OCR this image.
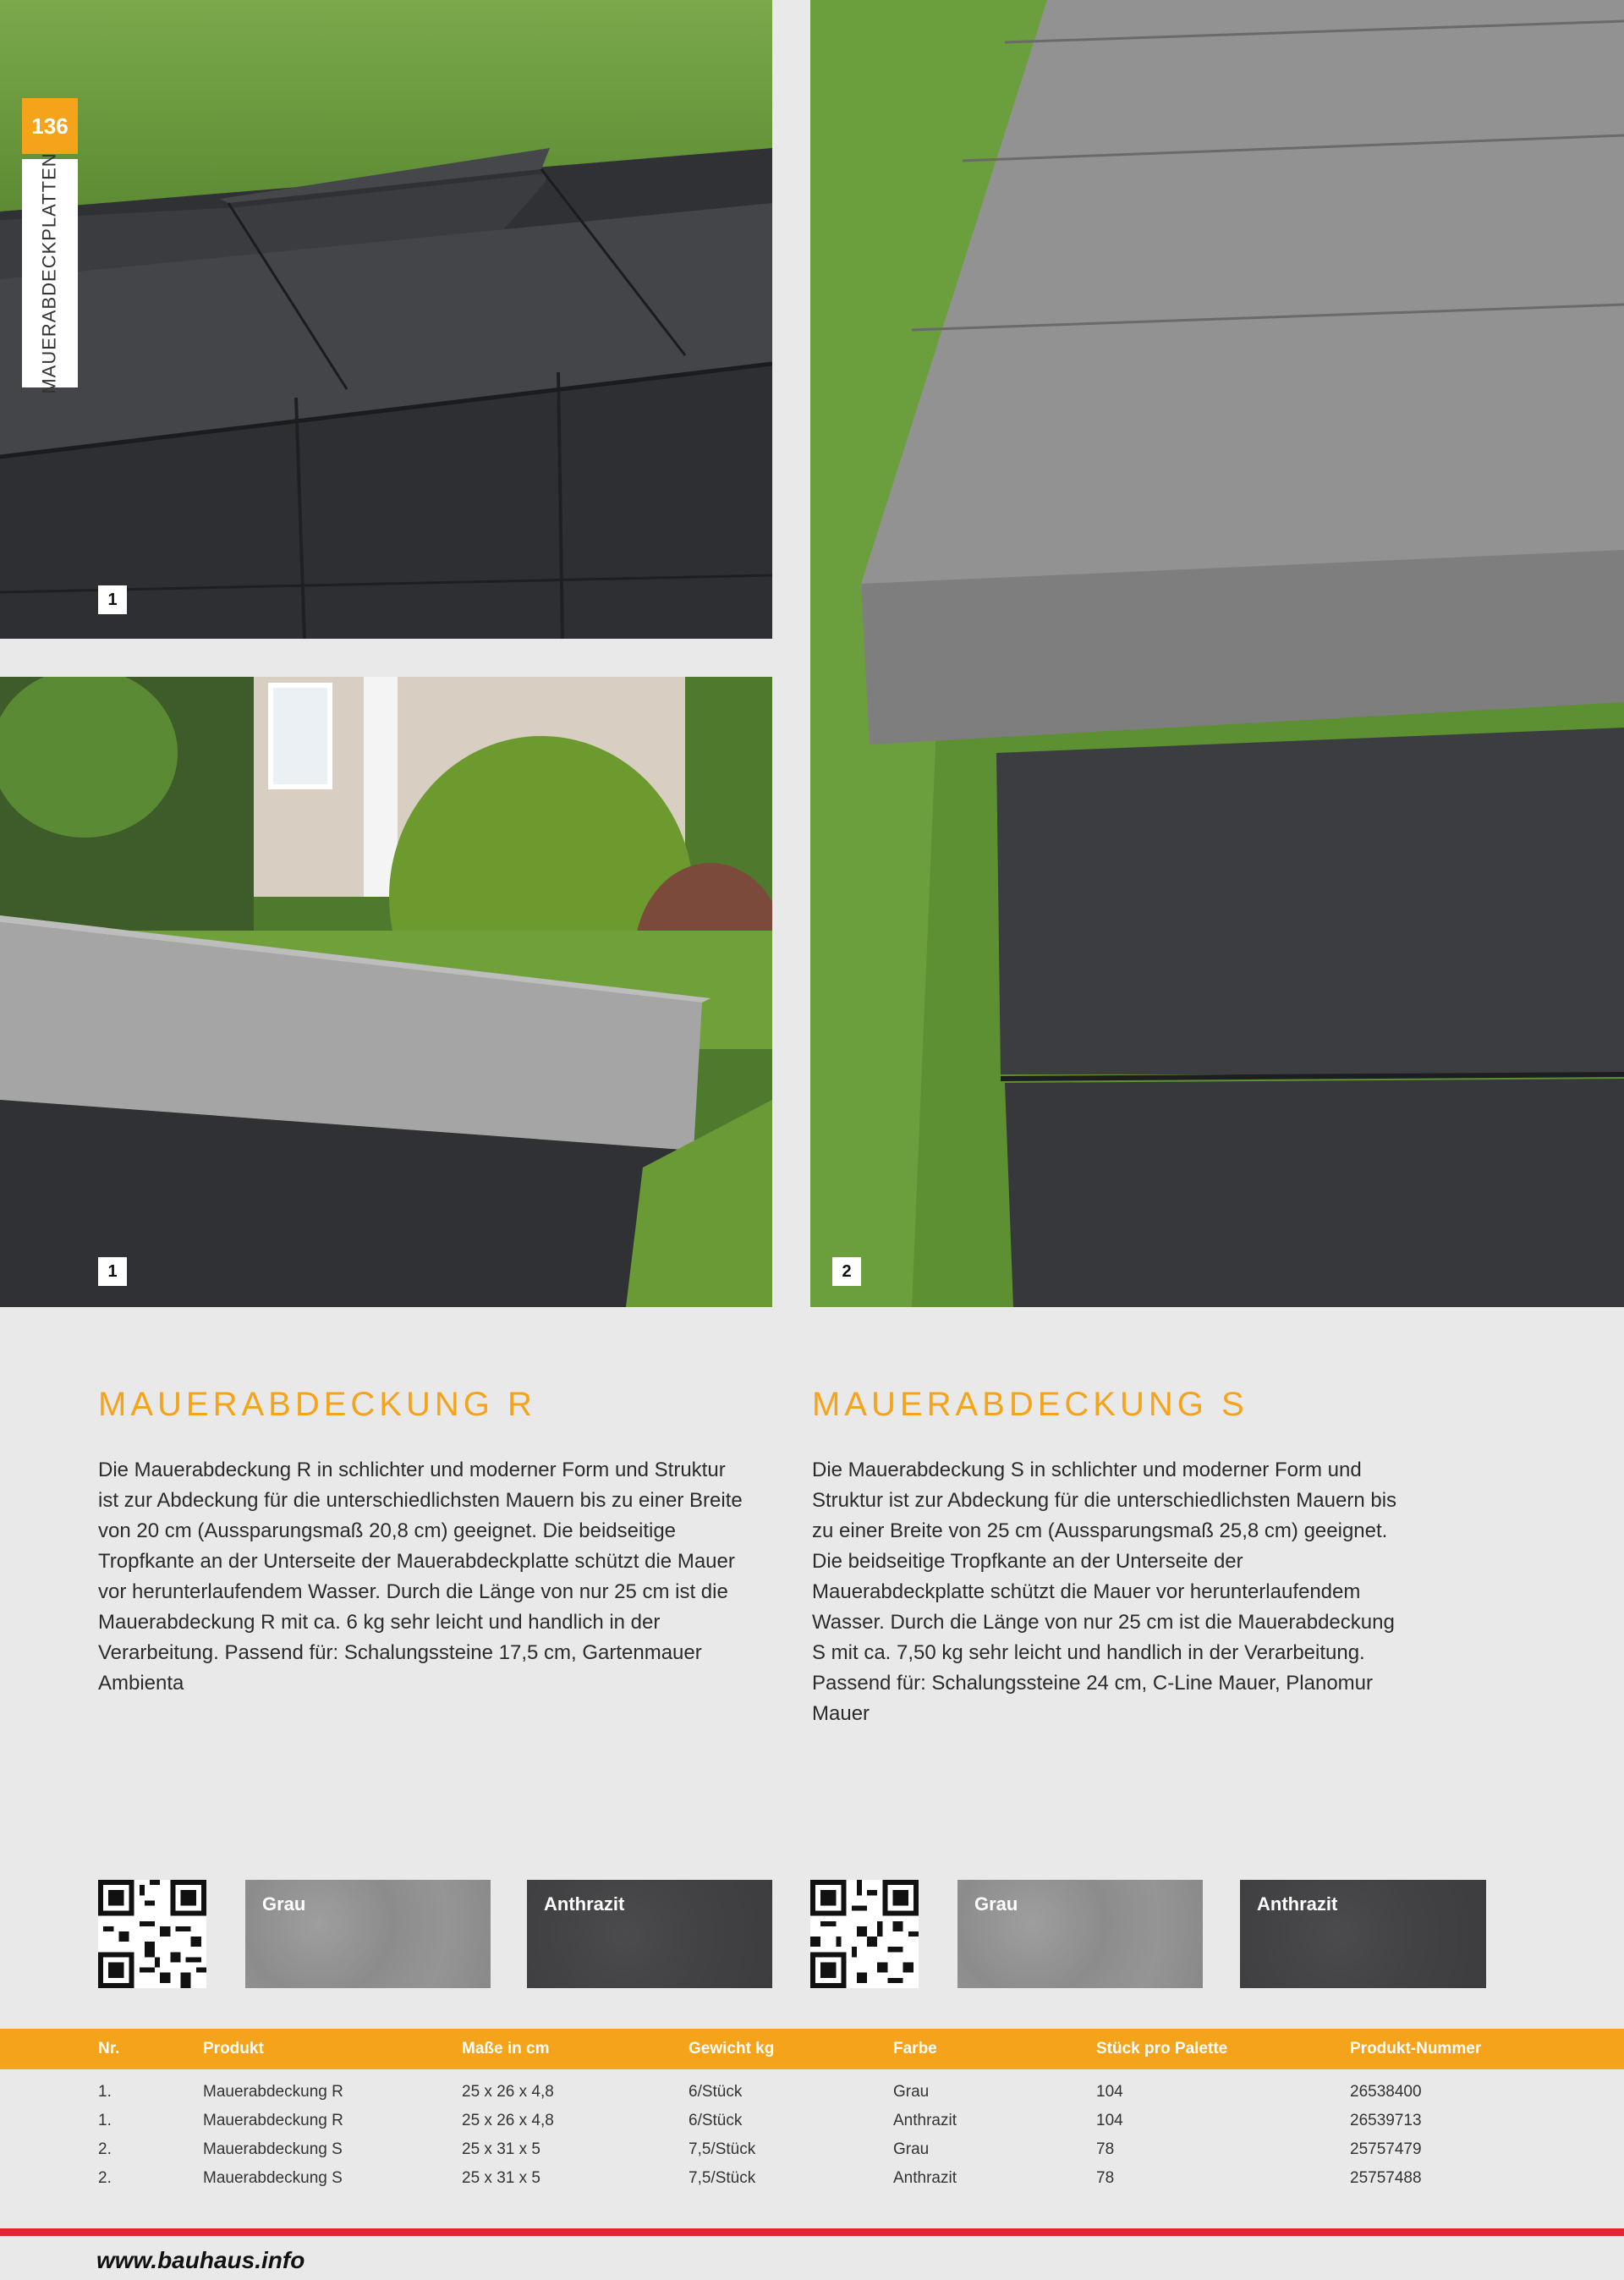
1
136
MAUERABDECKPLATTEN
1	2
MAUERABDECKUNG R

Die Mauerabdeckung R in schlichter und moderner Form und Struktur ist zur Abdeckung für die unterschiedlichsten Mauern bis zu einer Breite von 20 cm (Aussparungsmaß 20,8 cm) geeignet. Die beidseitige Tropfkante an der Unterseite der Mauerabdeckplatte schützt die Mauer vor herunterlaufendem Wasser. Durch die Länge von nur 25 cm ist die Mauerabdeckung R mit ca. 6 kg sehr leicht und handlich in der Verarbeitung. Passend für: Schalungssteine 17,5 cm, Gartenmauer Ambienta

MAUERABDECKUNG S

Die Mauerabdeckung S in schlichter und moderner Form und Struktur ist zur Abdeckung für die unterschiedlichsten Mauern bis zu einer Breite von 25 cm (Aussparungsmaß 25,8 cm) geeignet. Die beidseitige Tropfkante an der Unterseite der Mauerabdeckplatte schützt die Mauer vor herunterlaufendem Wasser. Durch die Länge von nur 25 cm ist die Mauerabdeckung S mit ca. 7,50 kg sehr leicht und handlich in der Verarbeitung. Passend für: Schalungssteine 24 cm, C-Line Mauer, Planomur Mauer

Grau	Anthrazit	Grau	Anthrazit
	Nr.	Produkt	Maße in cm	Gewicht kg	Farbe	Stück pro Palette	Produkt-Nummer
	1.	Mauerabdeckung R	25 x 26 x 4,8	6/Stück	Grau	104	26538400
	1.	Mauerabdeckung R	25 x 26 x 4,8	6/Stück	Anthrazit	104	26539713
	2.	Mauerabdeckung S	25 x 31 x 5	7,5/Stück	Grau	78	25757479
	2.	Mauerabdeckung S	25 x 31 x 5	7,5/Stück	Anthrazit	78	25757488
www.bauhaus.info
